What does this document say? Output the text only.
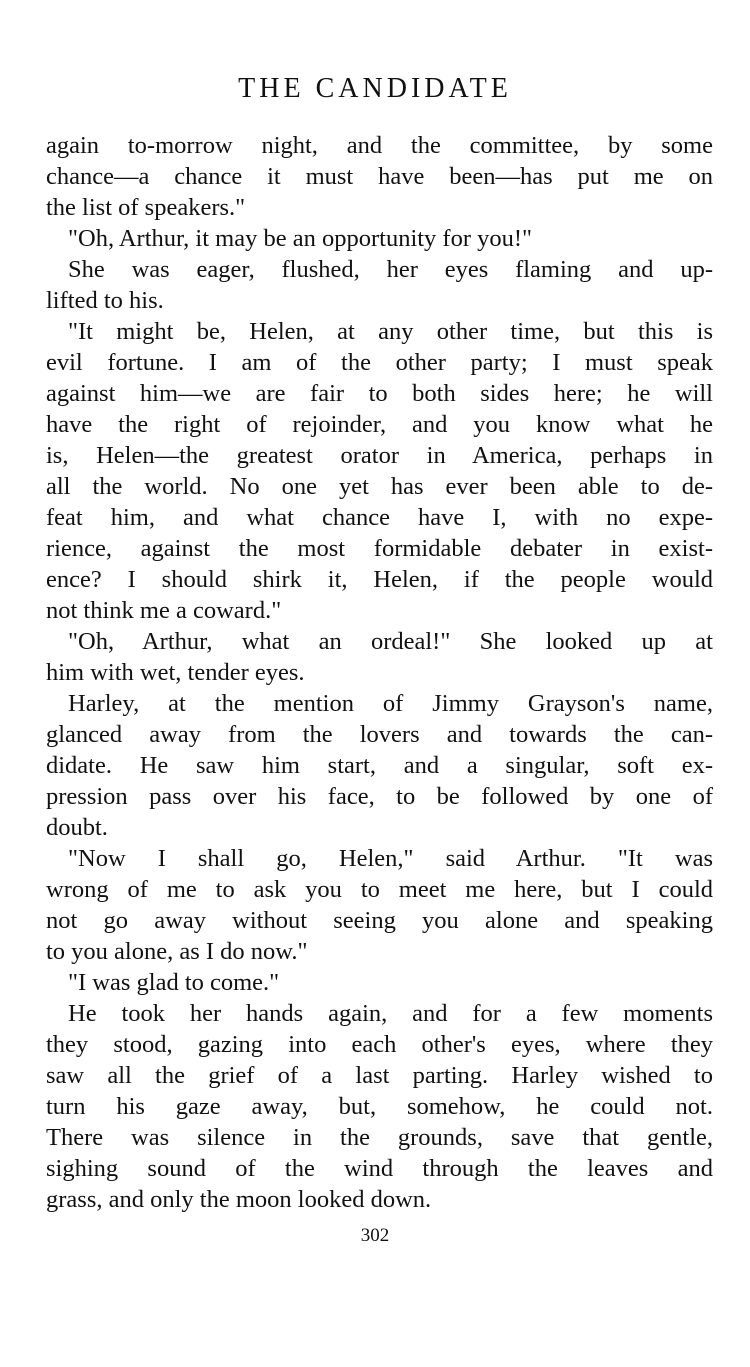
THE CANDIDATE
again to-morrow night, and the committee, by some
chance—a chance it must have been—has put me on
the list of speakers."
"Oh, Arthur, it may be an opportunity for you!"
She was eager, flushed, her eyes flaming and up-
lifted to his.
"It might be, Helen, at any other time, but this is
evil fortune. I am of the other party; I must speak
against him—we are fair to both sides here; he will
have the right of rejoinder, and you know what he
is, Helen—the greatest orator in America, perhaps in
all the world. No one yet has ever been able to de-
feat him, and what chance have I, with no expe-
rience, against the most formidable debater in exist-
ence? I should shirk it, Helen, if the people would
not think me a coward."
"Oh, Arthur, what an ordeal!" She looked up at
him with wet, tender eyes.
Harley, at the mention of Jimmy Grayson's name,
glanced away from the lovers and towards the can-
didate. He saw him start, and a singular, soft ex-
pression pass over his face, to be followed by one of
doubt.
"Now I shall go, Helen," said Arthur. "It was
wrong of me to ask you to meet me here, but I could
not go away without seeing you alone and speaking
to you alone, as I do now."
"I was glad to come."
He took her hands again, and for a few moments
they stood, gazing into each other's eyes, where they
saw all the grief of a last parting. Harley wished to
turn his gaze away, but, somehow, he could not.
There was silence in the grounds, save that gentle,
sighing sound of the wind through the leaves and
grass, and only the moon looked down.
302
